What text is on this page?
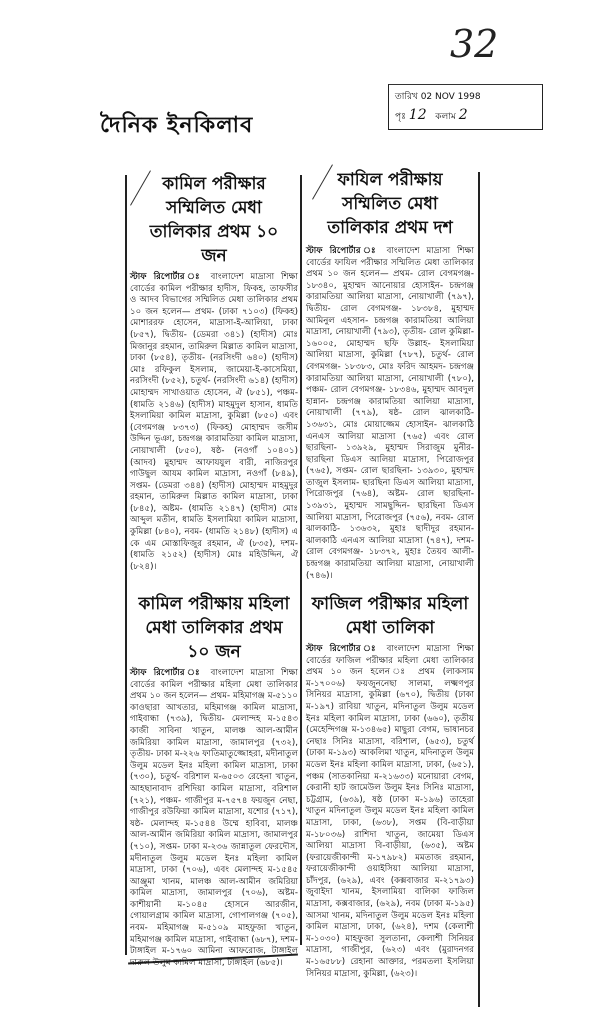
32
দৈনিক ইনকিলাব
তারিখ 02 NOV 1998
পৃঃ 12 কলাম 2
কামিল পরীক্ষার সম্মিলিত মেধা তালিকার প্রথম ১০ জন
স্টাফ রিপোর্টার ঃ বাংলাদেশ মাদ্রাসা শিক্ষা বোর্ডের কামিল পরীক্ষার হাদীস, ফিকহ, তাফসীর ও আদব বিভাগের সম্মিলিত মেধা তালিকার প্রথম ১০ জন হলেন— প্রথম- (ঢাকা ৭১০৩) (ফিকহ) মোশাররফ হোসেন, মাদ্রাসা-ই-আলিয়া, ঢাকা (৮৫৭), দ্বিতীয়- (ডেমরা ৩৪১) (হাদীস) মোঃ মিজানুর রহমান, তামিরুল মিল্লাত কামিল মাদ্রাসা, ঢাকা (৮৫৪), তৃতীয়- (নরসিংদী ৬৪০) (হাদীস) মোঃ রফিকুল ইসলাম, জামেয়া-ই-কাসেমিয়া, নরসিংদী (৮৫২), চতুর্থ- (নরসিংদী ৬১৪) (হাদীস) মোহাম্মদ সাখাওয়াত হোসেন, ঐ (৮৫১), পঞ্চম- (ধামতি ২১৪৬) (হাদীস) মাহমুদুল হাসান, ধামতি ইসলামিয়া কামিল মাদ্রাসা, কুমিল্লা (৮৫০) এবং (বেগমগঞ্জ ৮৩৭৩) (ফিকহ) মোহাম্মদ জসীম উদ্দিন ভূঞা, চন্দ্রগঞ্জ কারামতিয়া কামিল মাদ্রাসা, নোয়াখালী (৮৫০), ষষ্ঠ- (নওগাঁ ১০৪০১) (আদব) মুহাম্মদ আফাযযুল বারী, নাজিরপুর গাউছুল আযম কামিল মাদ্রাসা, নওগাঁ (৮৪৯), সপ্তম- (ডেমরা ৩৪৪) (হাদীস) মোহাম্মদ মাহমুদুর রহমান, তামিরুল মিল্লাত কামিল মাদ্রাসা, ঢাকা (৮৪৫), অষ্টম- (ধামতি ২১৪৭) (হাদীস) মোঃ আব্দুল মতীন, ধামতি ইসলামিয়া কামিল মাদ্রাসা, কুমিল্লা (৮৪০), নবম- (ধামতি ২১৪৮) (হাদীস) এ কে এম মোস্তাফিজুর রহমান, ঐ (৮৩৫), দশম- (ধামতি ২১৫২) (হাদীস) মোঃ মহিউদ্দিন, ঐ (৮২৪)।
কামিল পরীক্ষায় মহিলা মেধা তালিকার প্রথম ১০ জন
স্টাফ রিপোর্টার ঃ বাংলাদেশ মাদ্রাসা শিক্ষা বোর্ডের কামিল পরীক্ষার মহিলা মেধা তালিকার প্রথম ১০ জন হলেন— প্রথম- মহিমাগঞ্জ ম-৫১১০ কাওছারা আখতার, মহিমাগঞ্জ কামিল মাদ্রাসা, গাইবান্ধা (৭৩৯), দ্বিতীয়- মেলান্দহ ম-১৫৪৩ কাজী সাবিনা খাতুন, মালঞ্চ আল-আমীন জমিরিয়া কামিল মাদ্রাসা, জামালপুর (৭৩২), তৃতীয়- ঢাকা ম-২২৬ ফাতিমাতুজ্জোহরা, মদীনাতুল উলুম মডেল ইনঃ মহিলা কামিল মাদ্রাসা, ঢাকা (৭৩০), চতুর্থ- বরিশাল ম-৬৫০৩ রেহেনা খাতুন, আহছানাবাদ রশিদিয়া কামিল মাদ্রাসা, বরিশাল (৭২১), পঞ্চম- গাজীপুর ম-৭৫৭৪ ফয়জুন নেছা, গাজীপুর রউফিয়া কামিল মাদ্রাসা, যশোর (৭১৭), ষষ্ঠ- মেলান্দহ ম-১৫৪৪ উম্মে হাবিবা, মালঞ্চ আল-আমীন জমিরিয়া কামিল মাদ্রাসা, জামালপুর (৭১০), সপ্তম- ঢাকা ম-২৩৬ জান্নাতুল ফেরদৌস, মদীনাতুল উলুম মডেল ইনঃ মহিলা কামিল মাদ্রাসা, ঢাকা (৭০৬), এবং মেলান্দহ ম-১৫৪৫ আঞ্জুমা খানম, মালঞ্চ আল-আমীন জমিরিয়া কামিল মাদ্রাসা, জামালপুর (৭০৬), অষ্টম- কাশীয়ানী ম-১০৪৫ হোসনে আরজীন, গোয়ালগ্রাম কামিল মাদ্রাসা, গোপালগঞ্জ (৭০৫), নবম- মহিমাগঞ্জ ম-৫১০৯ মাহফুজা খাতুন, মহিমাগঞ্জ কামিল মাদ্রাসা, গাইবান্ধা (৬৮৭), দশম- টাঙ্গাইল ম-১৭৬০ আমিনা আফরোজ, টাঙ্গাইল দারুল উলুম কামিল মাদ্রাসা, টাঙ্গাইল (৬৮৫)।
ফাযিল পরীক্ষায় সম্মিলিত মেধা তালিকার প্রথম দশ
স্টাফ রিপোর্টার ঃ বাংলাদেশ মাদ্রাসা শিক্ষা বোর্ডের ফাযিল পরীক্ষার সম্মিলিত মেধা তালিকার প্রথম ১০ জন হলেন— প্রথম- রোল বেগমগঞ্জ- ১৮৩৪০, মুহাম্মদ আনোয়ার হোসাইন- চন্দ্রগঞ্জ কারামতিয়া আলিয়া মাদ্রাসা, নোয়াখালী (৭৯৭), দ্বিতীয়- রোল বেগমগঞ্জ- ১৮৩৮৪, মুহাম্মদ আমিনুল এহসান- চন্দ্রগঞ্জ কারামতিয়া আলিয়া মাদ্রাসা, নোয়াখালী (৭৯৩), তৃতীয়- রোল কুমিল্লা- ১৬০০৫, মোহাম্মদ ছফি উল্লাহ- ইসলামিয়া আলিয়া মাদ্রাসা, কুমিল্লা (৭৮৭), চতুর্থ- রোল বেগমগঞ্জ- ১৮৩৮৩, মোঃ ফরিদ আহমদ- চন্দ্রগঞ্জ কারামতিয়া আলিয়া মাদ্রাসা, নোয়াখালী (৭৮০), পঞ্চম- রোল বেগমগঞ্জ- ১৮৩৪৬, মুহাম্মদ আবদুল হান্নান- চন্দ্রগঞ্জ কারামতিয়া আলিয়া মাদ্রাসা, নোয়াখালী (৭৭৯), ষষ্ঠ- রোল ঝালকাঠি- ১৩৬৩১, মোঃ মোয়াজ্জেম হোসাইন- ঝালকাঠি এনএস আলিয়া মাদ্রাসা (৭৬৫) এবং রোল ছারছিনা- ১৩৯২৯, মুহাম্মদ সিরাজুম মুনীর- ছারছিনা ডিএস আলিয়া মাদ্রাসা, পিরোজপুর (৭৬৫), সপ্তম- রোল ছারছিনা- ১৩৯৩০, মুহাম্মদ তাজুল ইসলাম- ছারছিনা ডিএস আলিয়া মাদ্রাসা, পিরোজপুর (৭৬৪), অষ্টম- রোল ছারছিনা- ১৩৯৩১, মুহাম্মদ সামছুদ্দিন- ছারছিনা ডিএস আলিয়া মাদ্রাসা, পিরোজপুর (৭৫৬), নবম- রোল ঝালকাঠি- ১৩৬৩২, মুহাঃ ছাদীদুর রহমান- ঝালকাঠি এনএস আলিয়া মাদ্রাসা (৭৪৭), দশম- রোল বেগমগঞ্জ- ১৮৩৭২, মুহাঃ তৈয়ব আলী- চন্দ্রগঞ্জ কারামতিয়া আলিয়া মাদ্রাসা, নোয়াখালী (৭৪৬)।
ফাজিল পরীক্ষার মহিলা মেধা তালিকা
স্টাফ রিপোর্টার ঃ বাংলাদেশ মাদ্রাসা শিক্ষা বোর্ডের ফাজিল পরীক্ষার মহিলা মেধা তালিকার প্রথম ১০ জন হলেন ঃ প্রথম (লাকসাম ম-১৭০০৬) ফয়জুননেছা সালমা, লক্ষ্মণপুর সিনিয়র মাদ্রাসা, কুমিল্লা (৬৭০), দ্বিতীয় (ঢাকা ম-১৯৭) রাবিয়া খাতুন, মদিনাতুল উলুম মডেল ইনঃ মহিলা কামিল মাদ্রাসা, ঢাকা (৬৬০), তৃতীয় (মেহেন্দিগঞ্জ ম-১৩৪৬৫) মাছুরা বেগম, ভাষানচর নেছাঃ সিনিঃ মাদ্রাসা, বরিশাল, (৬৫৩), চতুর্থ (ঢাকা ম-১৯৩) আকলিমা খাতুন, মদিনাতুল উলুম মডেল ইনঃ মহিলা কামিল মাদ্রাসা, ঢাকা, (৬৫১), পঞ্চম (সাতকানিয়া ম-২১৬৩৩) মনোয়ারা বেগম, কেরানী হাট জামেউল উলুম ইনঃ সিনিঃ মাদ্রাসা, চট্টগ্রাম, (৬৩৯), ষষ্ঠ (ঢাকা ম-১৯৬) তাহেরা খাতুন মদিনাতুল উলুম মডেল ইনঃ মহিলা কামিল মাদ্রাসা, ঢাকা, (৬৩৮), সপ্তম (বি-বাড়ীয়া ম-১৮০৩৬) রাশিদা খাতুন, জামেয়া ডিএস আলিয়া মাদ্রাসা বি-বাড়ীয়া, (৬৩৫), অষ্টম (ফরায়েজীকান্দী ম-১৭৯৮২) মমতাজ রহমান, ফরায়েজীকান্দী ওয়াইসিয়া আলিয়া মাদ্রাসা, চাঁদপুর, (৬২৯), এবং (কক্সবাজার ম-২১৭৯৩) জুবাইদা খানম, ইসলামিয়া বালিকা ফাজিল মাদ্রাসা, কক্সবাজার, (৬২৯), নবম (ঢাকা ম-১৯৫) আসমা খানম, মদিনাতুল উলুম মডেল ইনঃ মহিলা কামিল মাদ্রাসা, ঢাকা, (৬২৪), দশম (কেলাশী ম-১০৩০) মাহফুজা সুলতানা, কেলাশী সিনিয়র মাদ্রাসা, গাজীপুর, (৬২৩) এবং (মুরাদনগর ম-১৬৫৮৮) রেহানা আক্তার, পরমতলা ইসলিয়া সিনিয়র মাদ্রাসা, কুমিল্লা, (৬২৩)।
